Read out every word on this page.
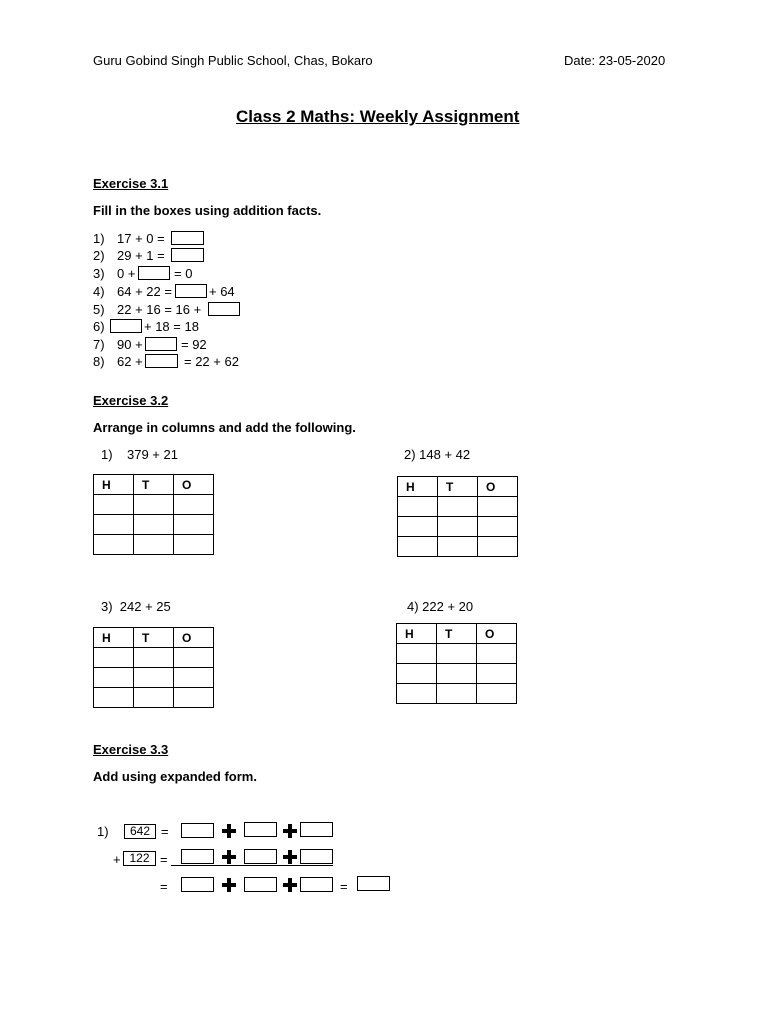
Guru Gobind Singh Public School, Chas, Bokaro	Date: 23-05-2020
Class 2 Maths: Weekly Assignment
Exercise 3.1
Fill in the boxes using addition facts.
1) 17 + 0 =
2) 29 + 1 =
3) 0 +	= 0
4) 64 + 22 =	+ 64
5) 22 + 16 = 16 +
6)	+ 18 = 18
7) 90 +	= 92
8) 62 +	= 22 + 62
Exercise 3.2
Arrange in columns and add the following.
1)    379 + 21	2) 148 + 42
H	T	O

			H	T	O

3)  242 + 25	4) 222 + 20
H	T	O

			H	T	O

Exercise 3.3
Add using expanded form.
1)	642 =
+ 122 =
=	=
